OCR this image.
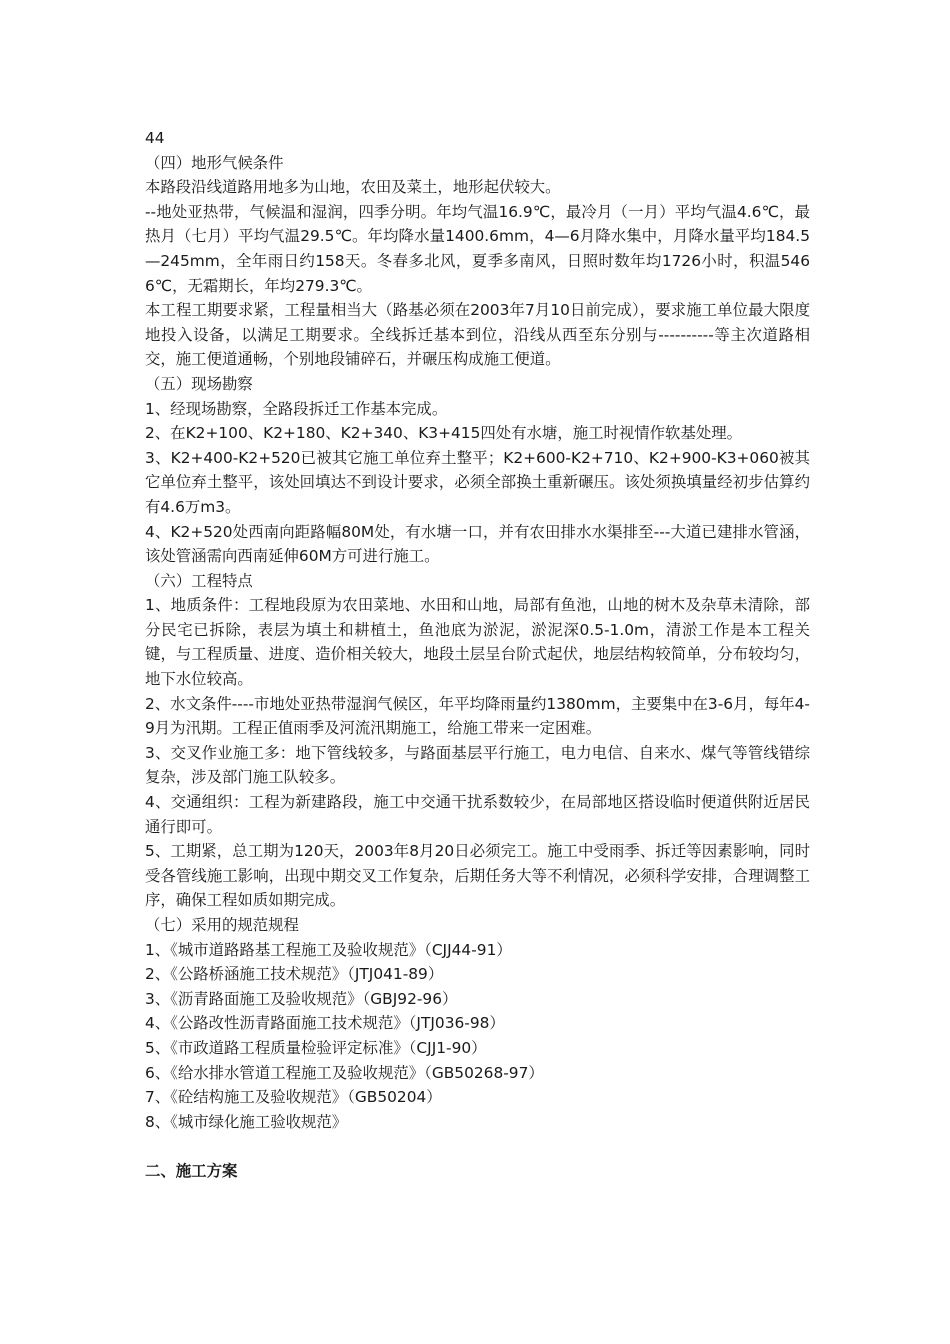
44
（四）地形气候条件
本路段沿线道路用地多为山地，农田及菜土，地形起伏较大。
--地处亚热带，气候温和湿润，四季分明。年均气温16.9℃，最冷月（一月）平均气温4.6℃，最热月（七月）平均气温29.5℃。年均降水量1400.6mm，4—6月降水集中，月降水量平均184.5—245mm，全年雨日约158天。冬春多北风，夏季多南风，日照时数年均1726小时，积温5466℃，无霜期长，年均279.3℃。
本工程工期要求紧，工程量相当大（路基必须在2003年7月10日前完成），要求施工单位最大限度地投入设备，以满足工期要求。全线拆迁基本到位，沿线从西至东分别与----------等主次道路相交，施工便道通畅，个别地段铺碎石，并碾压构成施工便道。
（五）现场勘察
1、经现场勘察，全路段拆迁工作基本完成。
2、在K2+100、K2+180、K2+340、K3+415四处有水塘，施工时视情作软基处理。
3、K2+400-K2+520已被其它施工单位弃土整平；K2+600-K2+710、K2+900-K3+060被其它单位弃土整平，该处回填达不到设计要求，必须全部换土重新碾压。该处须换填量经初步估算约有4.6万m3。
4、K2+520处西南向距路幅80M处，有水塘一口，并有农田排水水渠排至---大道已建排水管涵，该处管涵需向西南延伸60M方可进行施工。
（六）工程特点
1、地质条件：工程地段原为农田菜地、水田和山地，局部有鱼池，山地的树木及杂草未清除，部分民宅已拆除，表层为填土和耕植土，鱼池底为淤泥，淤泥深0.5-1.0m，清淤工作是本工程关键，与工程质量、进度、造价相关较大，地段土层呈台阶式起伏，地层结构较简单，分布较均匀，地下水位较高。
2、水文条件----市地处亚热带湿润气候区，年平均降雨量约1380mm，主要集中在3-6月，每年4-9月为汛期。工程正值雨季及河流汛期施工，给施工带来一定困难。
3、交叉作业施工多：地下管线较多，与路面基层平行施工，电力电信、自来水、煤气等管线错综复杂，涉及部门施工队较多。
4、交通组织：工程为新建路段，施工中交通干扰系数较少，在局部地区搭设临时便道供附近居民通行即可。
5、工期紧，总工期为120天，2003年8月20日必须完工。施工中受雨季、拆迁等因素影响，同时受各管线施工影响，出现中期交叉工作复杂，后期任务大等不利情况，必须科学安排，合理调整工序，确保工程如质如期完成。
（七）采用的规范规程
1、《城市道路路基工程施工及验收规范》（CJJ44-91）
2、《公路桥涵施工技术规范》（JTJ041-89）
3、《沥青路面施工及验收规范》（GBJ92-96）
4、《公路改性沥青路面施工技术规范》（JTJ036-98）
5、《市政道路工程质量检验评定标准》（CJJ1-90）
6、《给水排水管道工程施工及验收规范》（GB50268-97）
7、《砼结构施工及验收规范》（GB50204）
8、《城市绿化施工验收规范》
二、施工方案
